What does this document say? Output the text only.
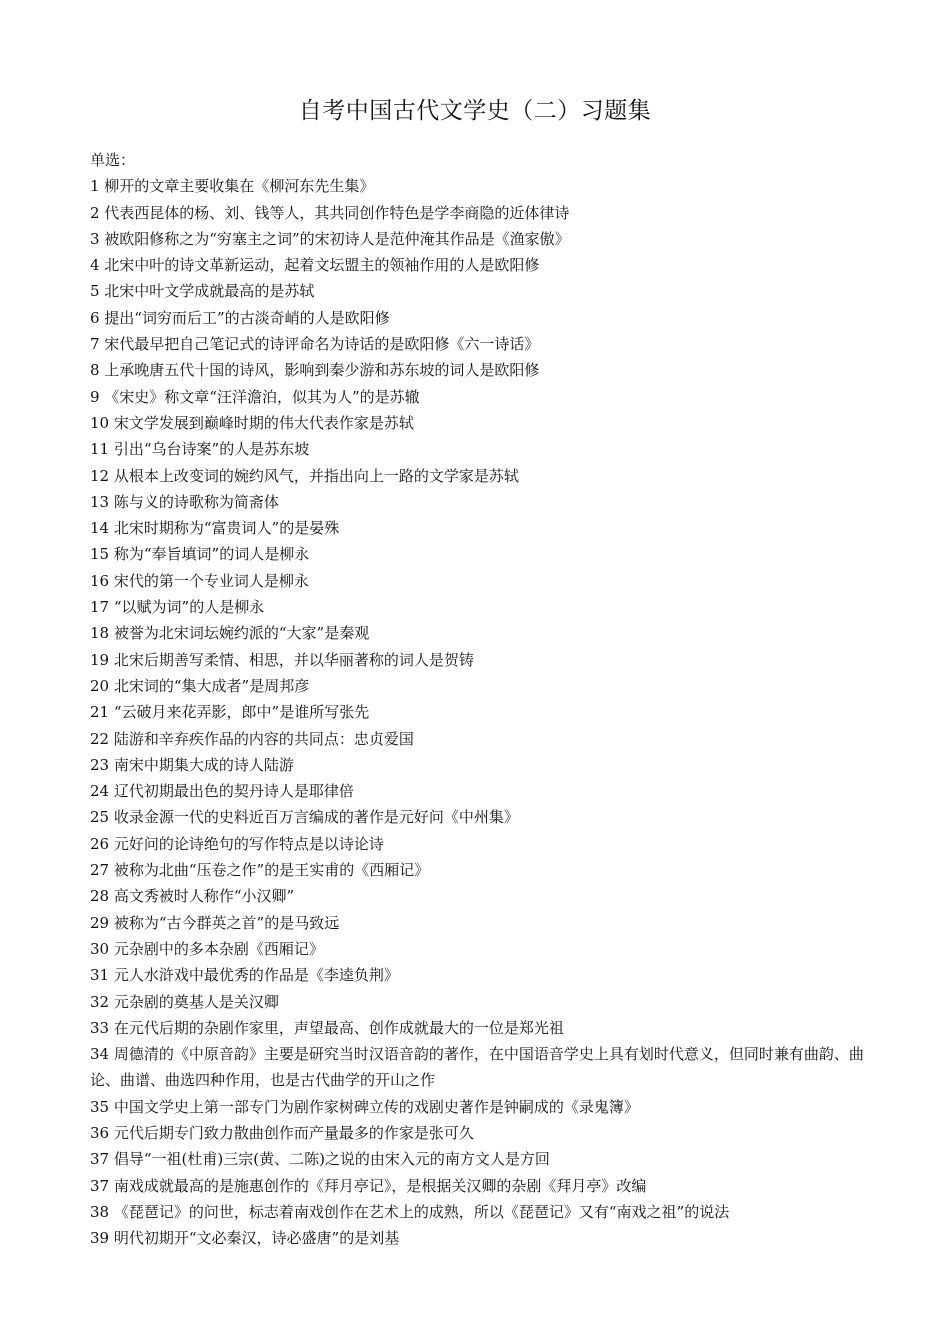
自考中国古代文学史（二）习题集

单选：

1 柳开的文章主要收集在《柳河东先生集》
2 代表西昆体的杨、刘、钱等人，其共同创作特色是学李商隐的近体律诗
3 被欧阳修称之为“穷塞主之词”的宋初诗人是范仲淹其作品是《渔家傲》
4 北宋中叶的诗文革新运动，起着文坛盟主的领袖作用的人是欧阳修
5 北宋中叶文学成就最高的是苏轼
6 提出“词穷而后工”的古淡奇峭的人是欧阳修
7 宋代最早把自己笔记式的诗评命名为诗话的是欧阳修《六一诗话》
8 上承晚唐五代十国的诗风，影响到秦少游和苏东坡的词人是欧阳修
9 《宋史》称文章“汪洋澹泊，似其为人”的是苏辙
10 宋文学发展到巅峰时期的伟大代表作家是苏轼
11 引出“乌台诗案”的人是苏东坡
12 从根本上改变词的婉约风气，并指出向上一路的文学家是苏轼
13 陈与义的诗歌称为简斋体
14 北宋时期称为“富贵词人”的是晏殊
15 称为“奉旨填词”的词人是柳永
16 宋代的第一个专业词人是柳永
17 “以赋为词”的人是柳永
18 被誉为北宋词坛婉约派的“大家”是秦观
19 北宋后期善写柔情、相思，并以华丽著称的词人是贺铸
20 北宋词的“集大成者”是周邦彦
21 “云破月来花弄影，郎中”是谁所写张先
22 陆游和辛弃疾作品的内容的共同点：忠贞爱国
23 南宋中期集大成的诗人陆游
24 辽代初期最出色的契丹诗人是耶律倍
25 收录金源一代的史料近百万言编成的著作是元好问《中州集》
26 元好问的论诗绝句的写作特点是以诗论诗
27 被称为北曲“压卷之作”的是王实甫的《西厢记》
28 高文秀被时人称作“小汉卿”
29 被称为“古今群英之首”的是马致远
30 元杂剧中的多本杂剧《西厢记》
31 元人水浒戏中最优秀的作品是《李逵负荆》
32 元杂剧的奠基人是关汉卿
33 在元代后期的杂剧作家里，声望最高、创作成就最大的一位是郑光祖
34 周德清的《中原音韵》主要是研究当时汉语音韵的著作，在中国语音学史上具有划时代意义，但同时兼有曲韵、曲论、曲谱、曲选四种作用，也是古代曲学的开山之作
35 中国文学史上第一部专门为剧作家树碑立传的戏剧史著作是钟嗣成的《录鬼簿》
36 元代后期专门致力散曲创作而产量最多的作家是张可久
37 倡导“一祖(杜甫)三宗(黄、二陈)之说的由宋入元的南方文人是方回
37 南戏成就最高的是施惠创作的《拜月亭记》，是根据关汉卿的杂剧《拜月亭》改编
38 《琵琶记》的问世，标志着南戏创作在艺术上的成熟，所以《琵琶记》又有“南戏之祖”的说法
39 明代初期开“文必秦汉，诗必盛唐”的是刘基
